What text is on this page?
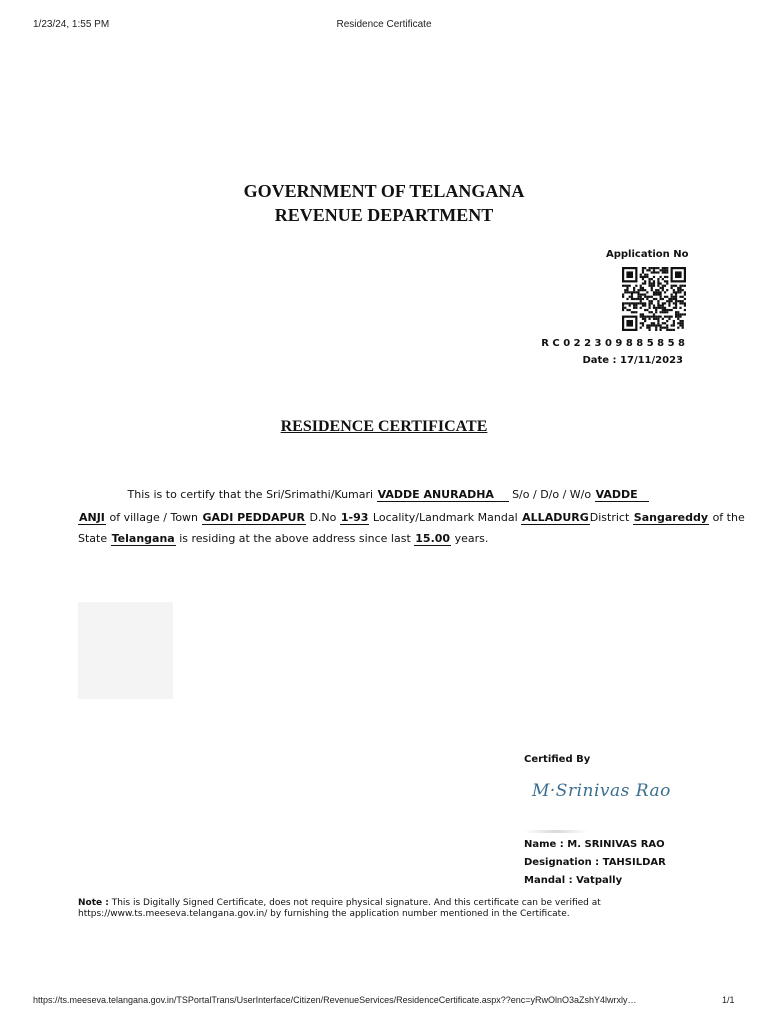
1/23/24, 1:55 PM	Residence Certificate
GOVERNMENT OF TELANGANA
REVENUE DEPARTMENT
Application No
R C 0 2 2 3 0 9 8 8 5 8 5 8
Date : 17/11/2023
RESIDENCE CERTIFICATE
This is to certify that the Sri/Srimathi/Kumari VADDE ANURADHA S/o / D/o / W/o VADDE
ANJI of village / Town GADI PEDDAPUR D.No 1-93 Locality/Landmark Mandal ALLADURGDistrict Sangareddy of the
State Telangana is residing at the above address since last 15.00 years.
Certified By
M·Srinivas Rao
Name : M. SRINIVAS RAO
Designation : TAHSILDAR
Mandal : Vatpally
Note : This is Digitally Signed Certificate, does not require physical signature. And this certificate can be verified at https://www.ts.meeseva.telangana.gov.in/ by furnishing the application number mentioned in the Certificate.
https://ts.meeseva.telangana.gov.in/TSPortalTrans/UserInterface/Citizen/RevenueServices/ResidenceCertificate.aspx??enc=yRwOlnO3aZshY4lwrxly…	1/1
